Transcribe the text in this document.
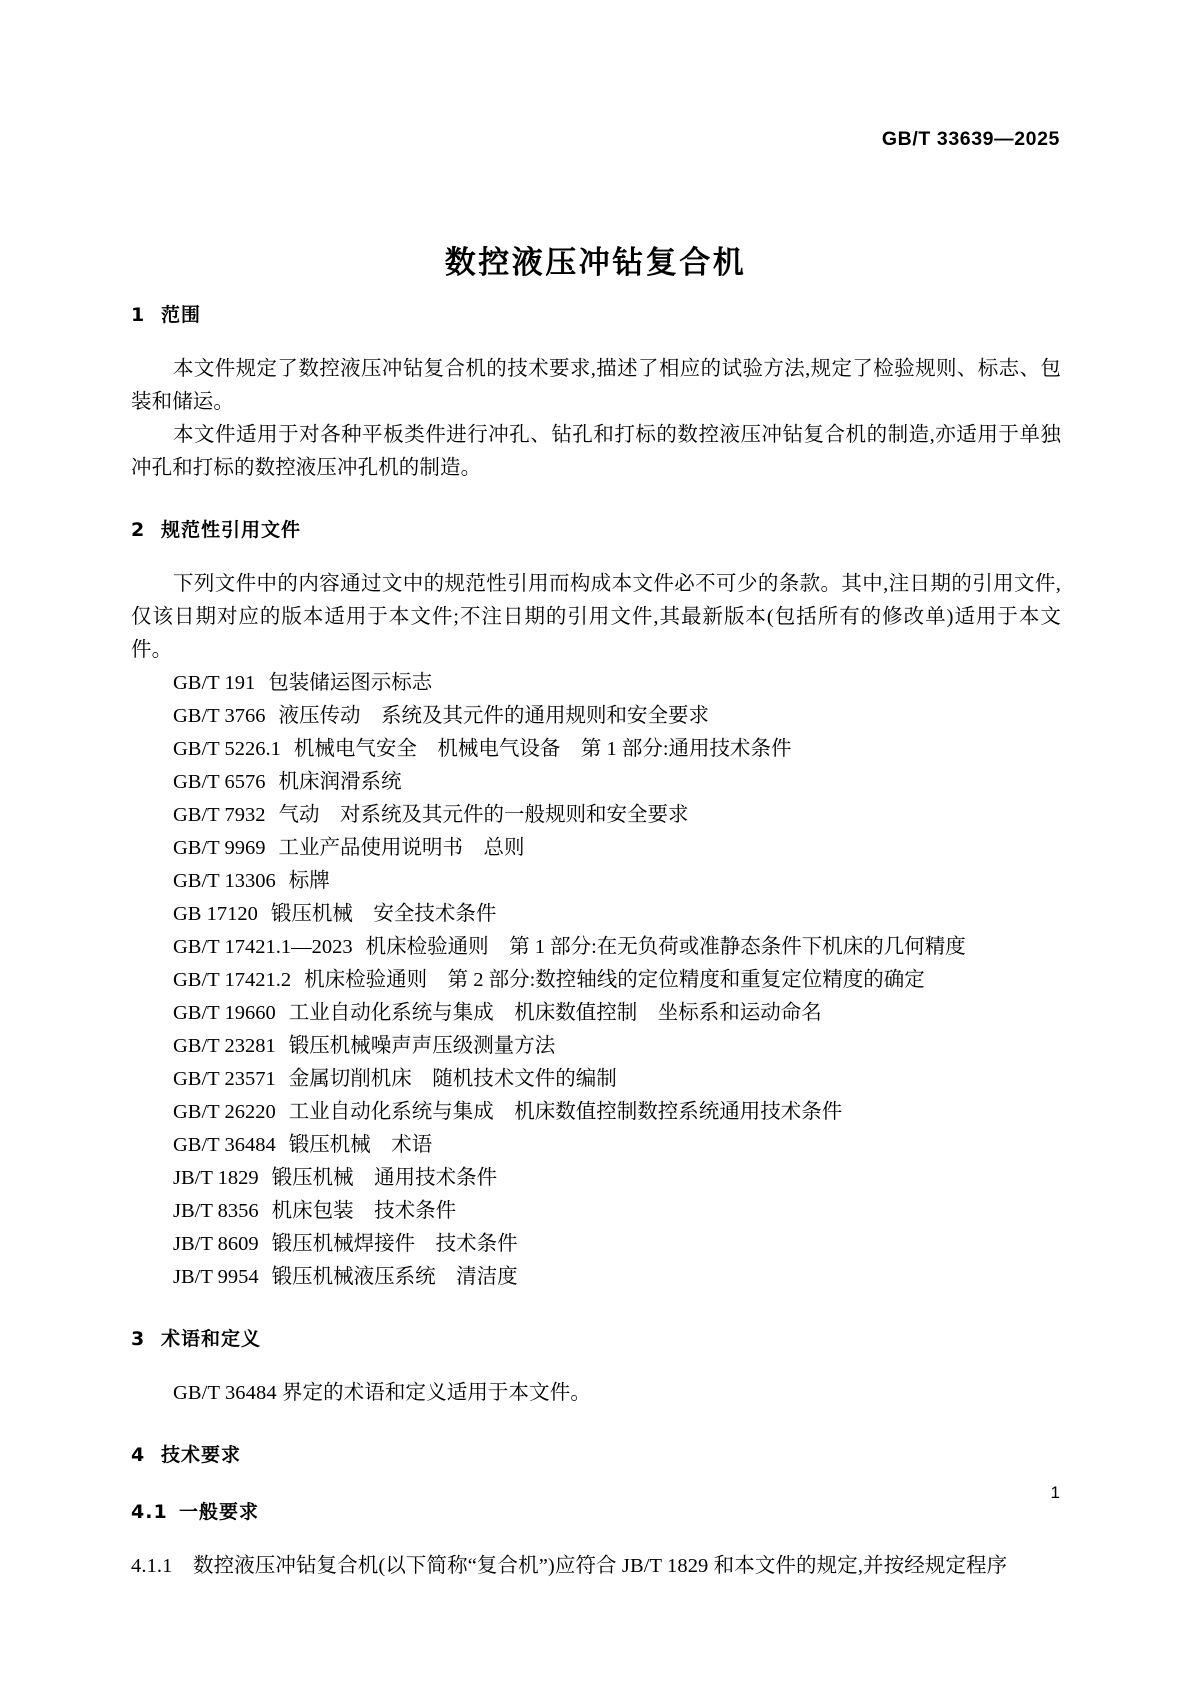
GB/T 33639—2025
数控液压冲钻复合机
1 范围

本文件规定了数控液压冲钻复合机的技术要求,描述了相应的试验方法,规定了检验规则、标志、包装和储运。

本文件适用于对各种平板类件进行冲孔、钻孔和打标的数控液压冲钻复合机的制造,亦适用于单独冲孔和打标的数控液压冲孔机的制造。

2 规范性引用文件

下列文件中的内容通过文中的规范性引用而构成本文件必不可少的条款。其中,注日期的引用文件,仅该日期对应的版本适用于本文件;不注日期的引用文件,其最新版本(包括所有的修改单)适用于本文件。

GB/T 191 包装储运图示标志
GB/T 3766 液压传动　系统及其元件的通用规则和安全要求
GB/T 5226.1 机械电气安全　机械电气设备　第 1 部分:通用技术条件
GB/T 6576 机床润滑系统
GB/T 7932 气动　对系统及其元件的一般规则和安全要求
GB/T 9969 工业产品使用说明书　总则
GB/T 13306 标牌
GB 17120 锻压机械　安全技术条件
GB/T 17421.1—2023 机床检验通则　第 1 部分:在无负荷或准静态条件下机床的几何精度
GB/T 17421.2 机床检验通则　第 2 部分:数控轴线的定位精度和重复定位精度的确定
GB/T 19660 工业自动化系统与集成　机床数值控制　坐标系和运动命名
GB/T 23281 锻压机械噪声声压级测量方法
GB/T 23571 金属切削机床　随机技术文件的编制
GB/T 26220 工业自动化系统与集成　机床数值控制数控系统通用技术条件
GB/T 36484 锻压机械　术语
JB/T 1829 锻压机械　通用技术条件
JB/T 8356 机床包装　技术条件
JB/T 8609 锻压机械焊接件　技术条件
JB/T 9954 锻压机械液压系统　清洁度
3 术语和定义

GB/T 36484 界定的术语和定义适用于本文件。

4 技术要求
4.1 一般要求
4.1.1 数控液压冲钻复合机(以下简称“复合机”)应符合 JB/T 1829 和本文件的规定,并按经规定程序
1
